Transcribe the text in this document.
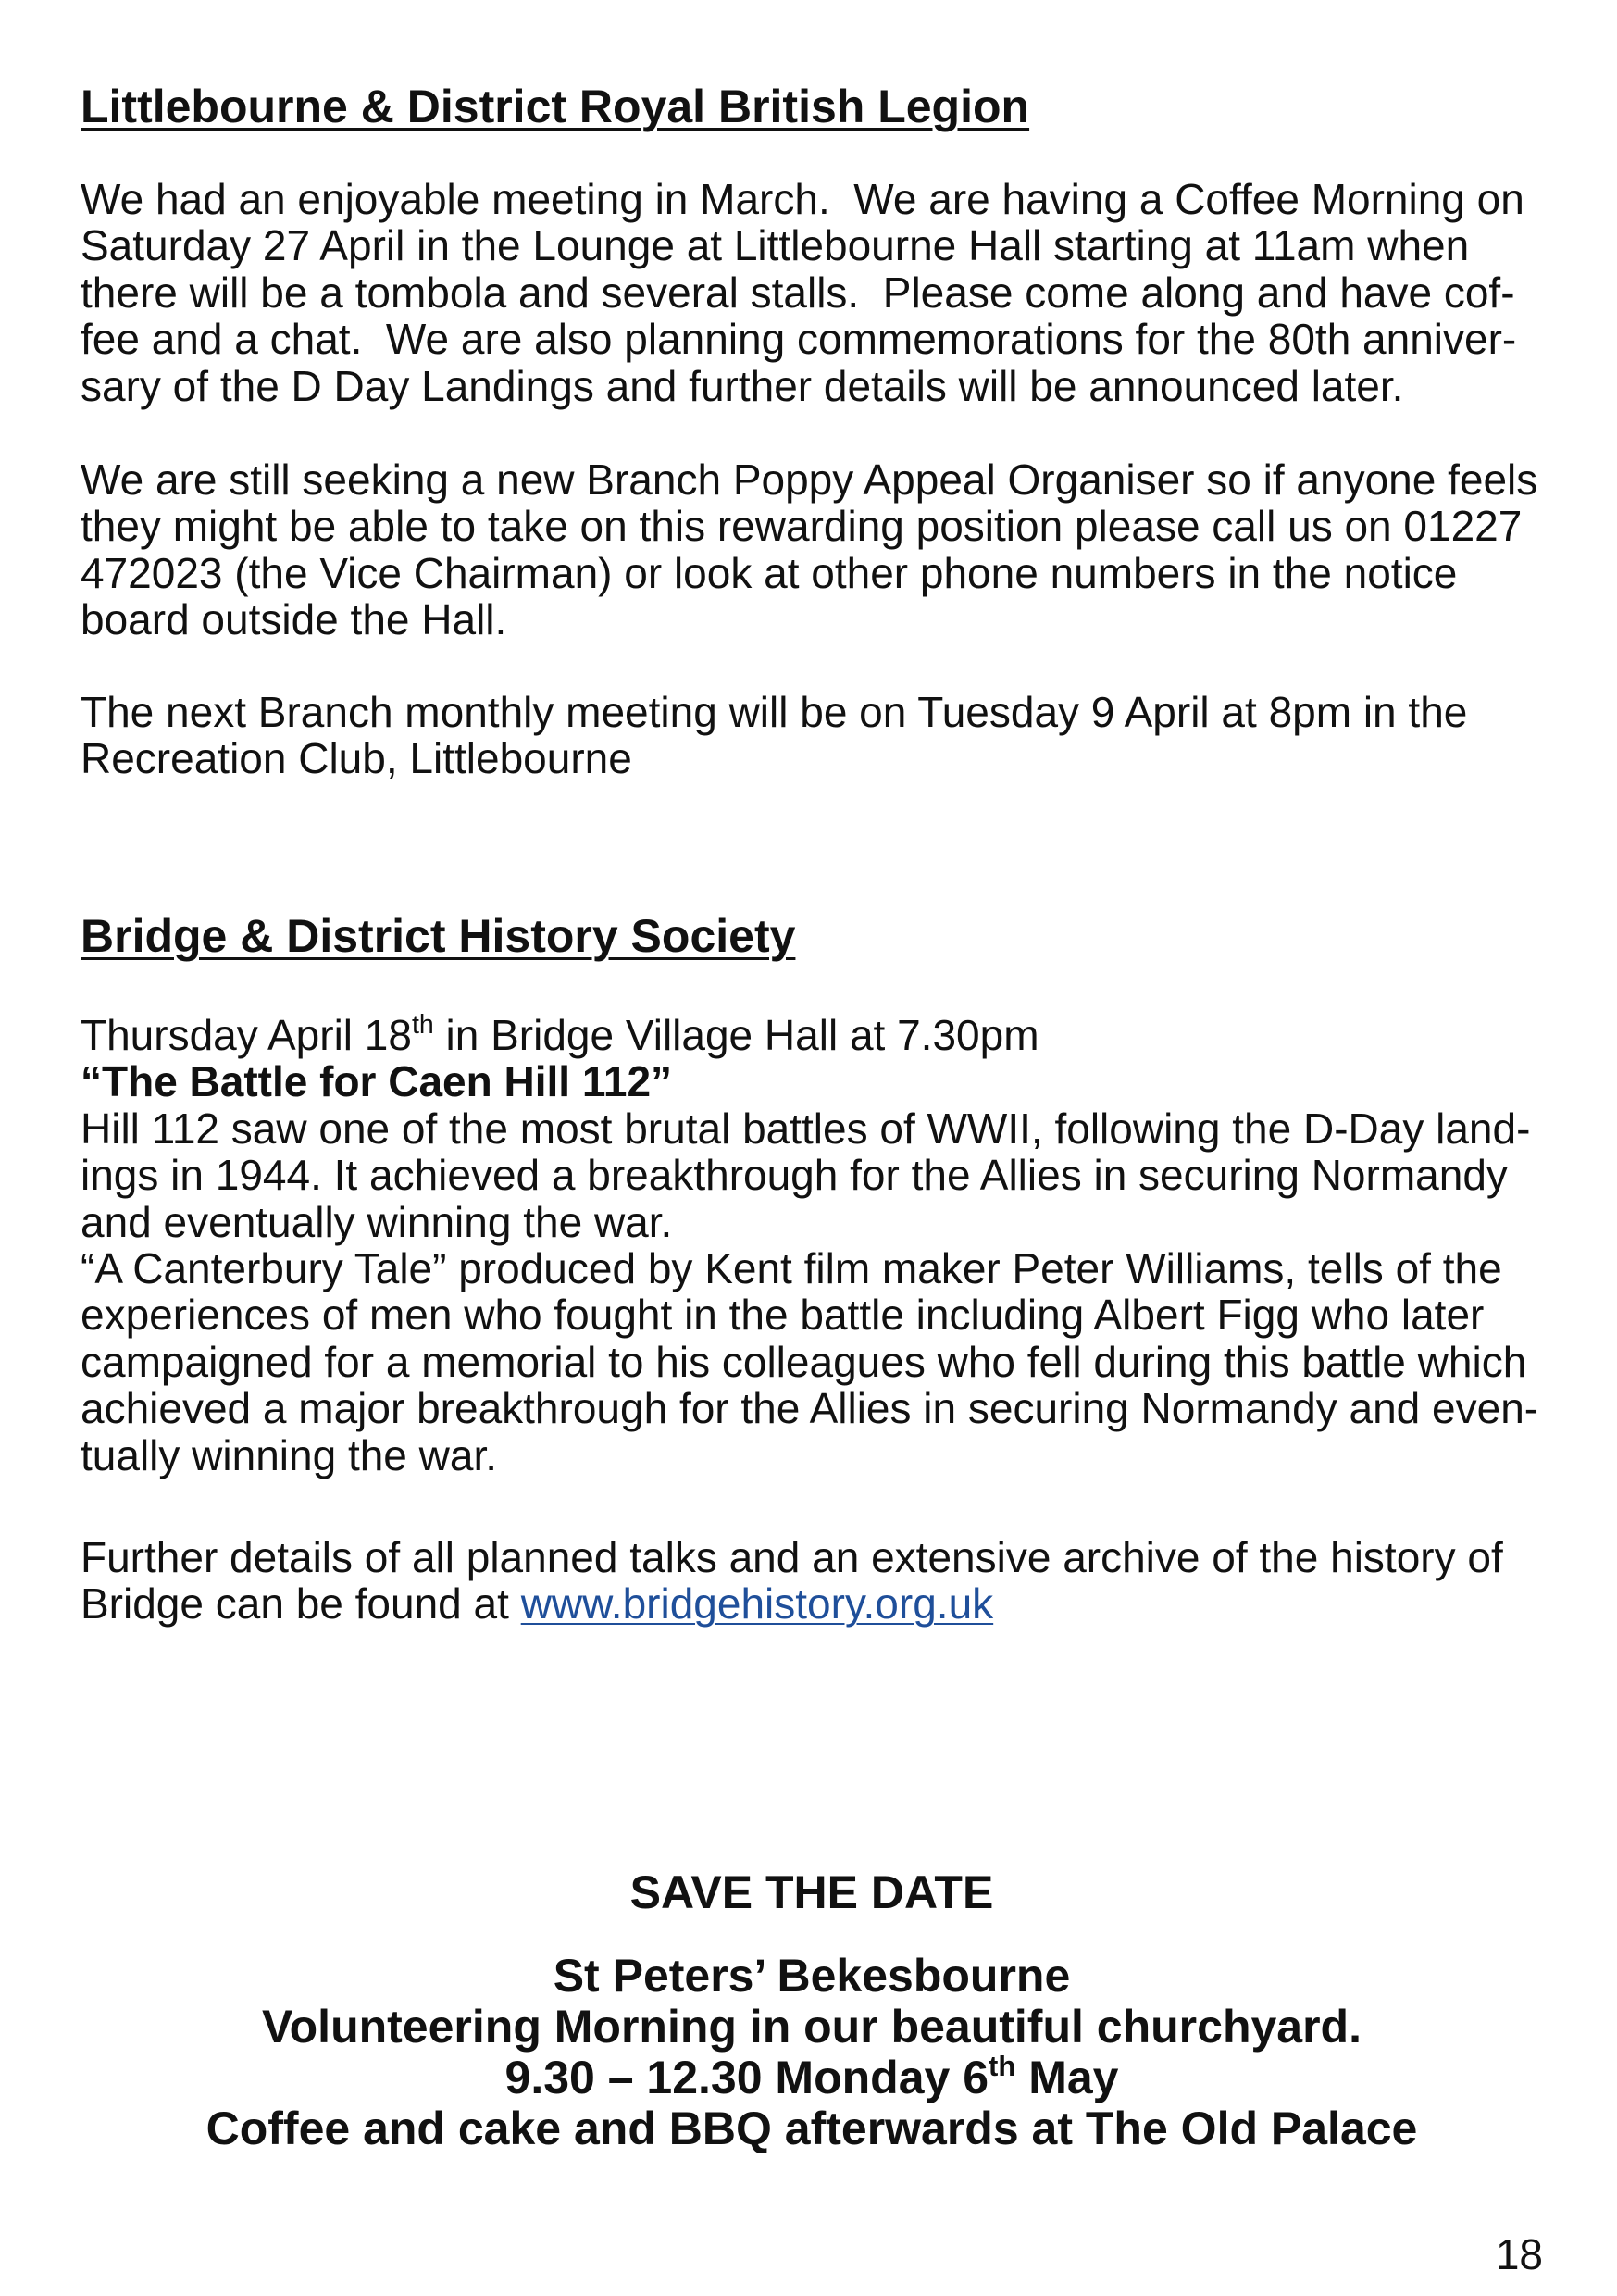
Littlebourne & District Royal British Legion
We had an enjoyable meeting in March.  We are having a Coffee Morning on
Saturday 27 April in the Lounge at Littlebourne Hall starting at 11am when
there will be a tombola and several stalls.  Please come along and have cof-
fee and a chat.  We are also planning commemorations for the 80th anniver-
sary of the D Day Landings and further details will be announced later.
We are still seeking a new Branch Poppy Appeal Organiser so if anyone feels
they might be able to take on this rewarding position please call us on 01227
472023 (the Vice Chairman) or look at other phone numbers in the notice
board outside the Hall.
The next Branch monthly meeting will be on Tuesday 9 April at 8pm in the
Recreation Club, Littlebourne
Bridge & District History Society
Thursday April 18th in Bridge Village Hall at 7.30pm
“The Battle for Caen Hill 112”
Hill 112 saw one of the most brutal battles of WWII, following the D-Day land-
ings in 1944. It achieved a breakthrough for the Allies in securing Normandy
and eventually winning the war.
“A Canterbury Tale” produced by Kent film maker Peter Williams, tells of the
experiences of men who fought in the battle including Albert Figg who later
campaigned for a memorial to his colleagues who fell during this battle which
achieved a major breakthrough for the Allies in securing Normandy and even-
tually winning the war.
Further details of all planned talks and an extensive archive of the history of
Bridge can be found at www.bridgehistory.org.uk
SAVE THE DATE
St Peters’ Bekesbourne
Volunteering Morning in our beautiful churchyard.
9.30 – 12.30 Monday 6th May
Coffee and cake and BBQ afterwards at The Old Palace
18
